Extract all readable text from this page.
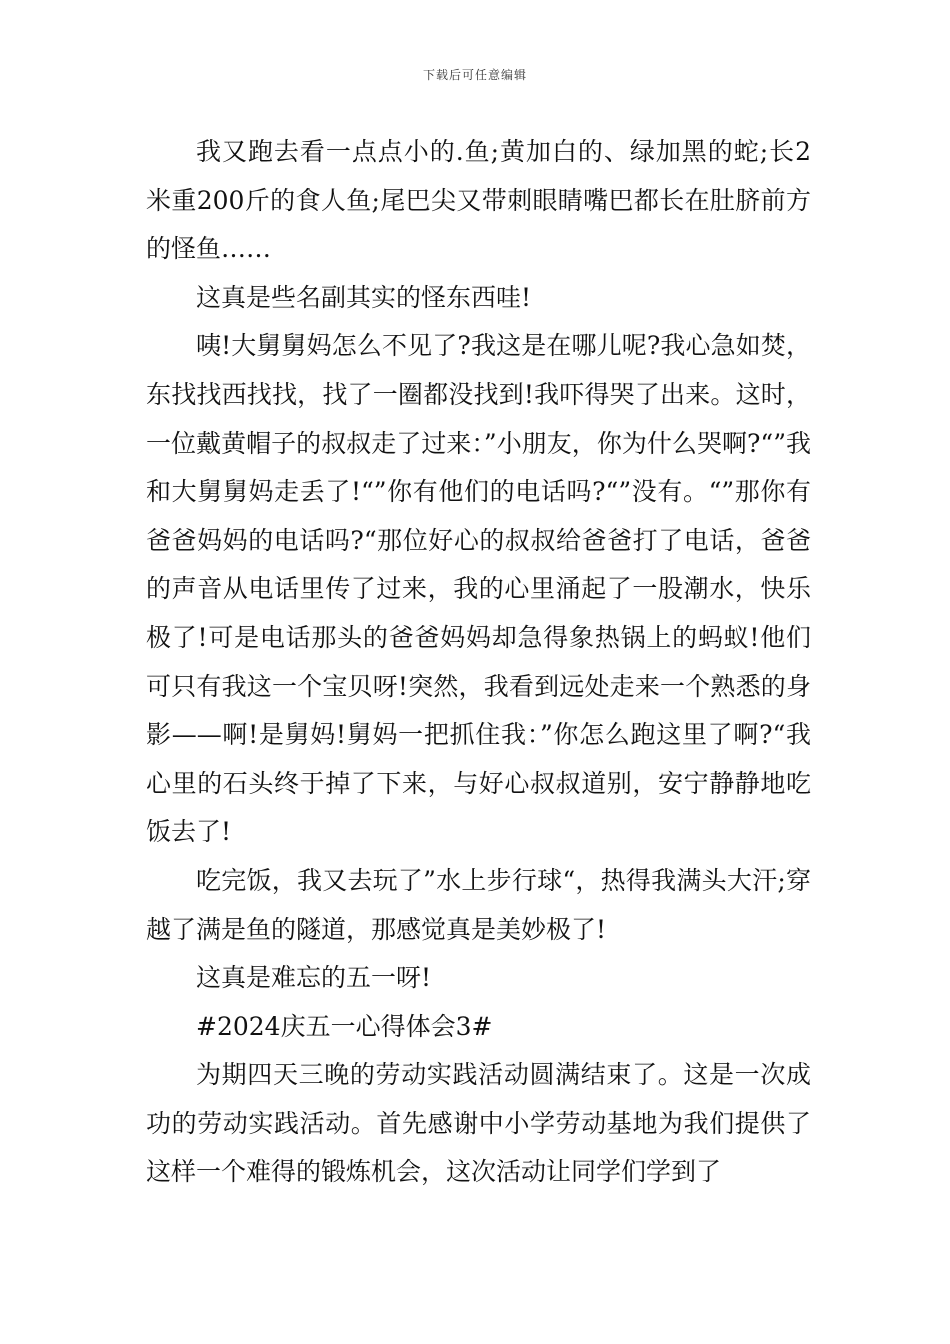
下载后可任意编辑

我又跑去看一点点小的.鱼;黄加白的、绿加黑的蛇;长2米重200斤的食人鱼;尾巴尖又带刺眼睛嘴巴都长在肚脐前方的怪鱼……

这真是些名副其实的怪东西哇!

咦!大舅舅妈怎么不见了?我这是在哪儿呢?我心急如焚，东找找西找找，找了一圈都没找到!我吓得哭了出来。这时，一位戴黄帽子的叔叔走了过来：”小朋友，你为什么哭啊?“”我和大舅舅妈走丢了!“”你有他们的电话吗?“”没有。“”那你有爸爸妈妈的电话吗?“那位好心的叔叔给爸爸打了电话，爸爸的声音从电话里传了过来，我的心里涌起了一股潮水，快乐极了!可是电话那头的爸爸妈妈却急得象热锅上的蚂蚁!他们可只有我这一个宝贝呀!突然，我看到远处走来一个熟悉的身影——啊!是舅妈!舅妈一把抓住我：”你怎么跑这里了啊?“我心里的石头终于掉了下来，与好心叔叔道别，安宁静静地吃饭去了!

吃完饭，我又去玩了”水上步行球“，热得我满头大汗;穿越了满是鱼的隧道，那感觉真是美妙极了!

这真是难忘的五一呀!

#2024庆五一心得体会3#

为期四天三晚的劳动实践活动圆满结束了。这是一次成功的劳动实践活动。首先感谢中小学劳动基地为我们提供了这样一个难得的锻炼机会，这次活动让同学们学到了
